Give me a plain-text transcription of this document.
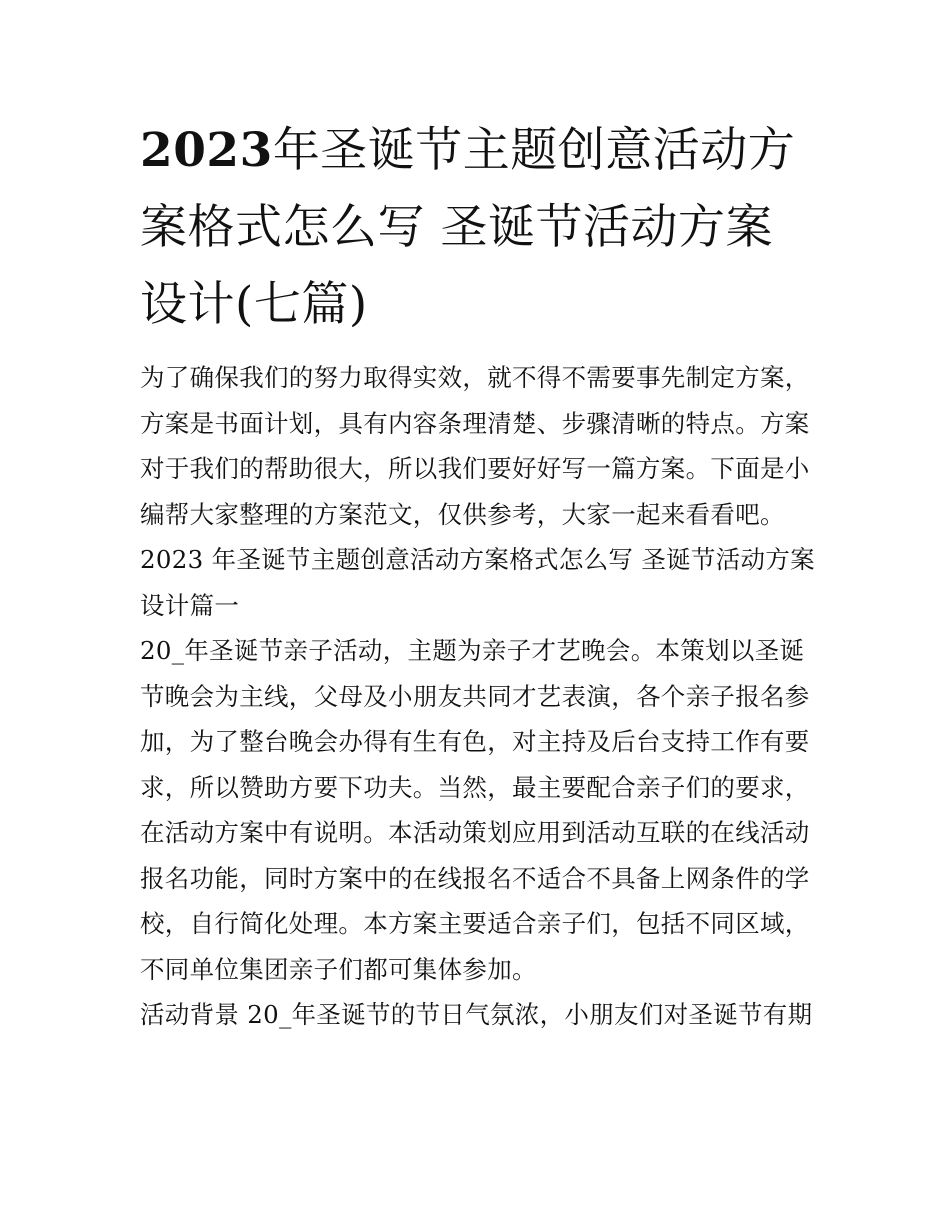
2023年圣诞节主题创意活动方案格式怎么写 圣诞节活动方案设计(七篇)

为了确保我们的努力取得实效，就不得不需要事先制定方案，方案是书面计划，具有内容条理清楚、步骤清晰的特点。方案对于我们的帮助很大，所以我们要好好写一篇方案。下面是小编帮大家整理的方案范文，仅供参考，大家一起来看看吧。

2023 年圣诞节主题创意活动方案格式怎么写 圣诞节活动方案设计篇一

20_年圣诞节亲子活动，主题为亲子才艺晚会。本策划以圣诞节晚会为主线，父母及小朋友共同才艺表演，各个亲子报名参加，为了整台晚会办得有生有色，对主持及后台支持工作有要求，所以赞助方要下功夫。当然，最主要配合亲子们的要求，在活动方案中有说明。本活动策划应用到活动互联的在线活动报名功能，同时方案中的在线报名不适合不具备上网条件的学校，自行简化处理。本方案主要适合亲子们，包括不同区域，不同单位集团亲子们都可集体参加。

活动背景 20_年圣诞节的节日气氛浓，小朋友们对圣诞节有期
